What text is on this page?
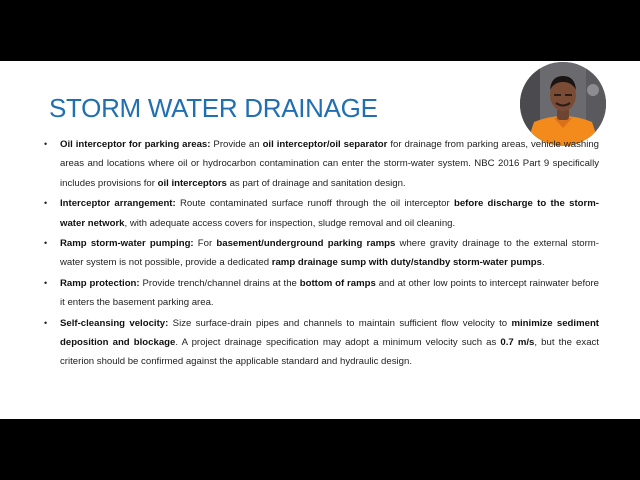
STORM WATER DRAINAGE
• Oil interceptor for parking areas: Provide an oil interceptor/oil separator for drainage from parking areas, vehicle washing areas and locations where oil or hydrocarbon contamination can enter the storm-water system. NBC 2016 Part 9 specifically includes provisions for oil interceptors as part of drainage and sanitation design.
• Interceptor arrangement: Route contaminated surface runoff through the oil interceptor before discharge to the storm-water network, with adequate access covers for inspection, sludge removal and oil cleaning.
• Ramp storm-water pumping: For basement/underground parking ramps where gravity drainage to the external storm-water system is not possible, provide a dedicated ramp drainage sump with duty/standby storm-water pumps.
• Ramp protection: Provide trench/channel drains at the bottom of ramps and at other low points to intercept rainwater before it enters the basement parking area.
• Self-cleansing velocity: Size surface-drain pipes and channels to maintain sufficient flow velocity to minimize sediment deposition and blockage. A project drainage specification may adopt a minimum velocity such as 0.7 m/s, but the exact criterion should be confirmed against the applicable standard and hydraulic design.
